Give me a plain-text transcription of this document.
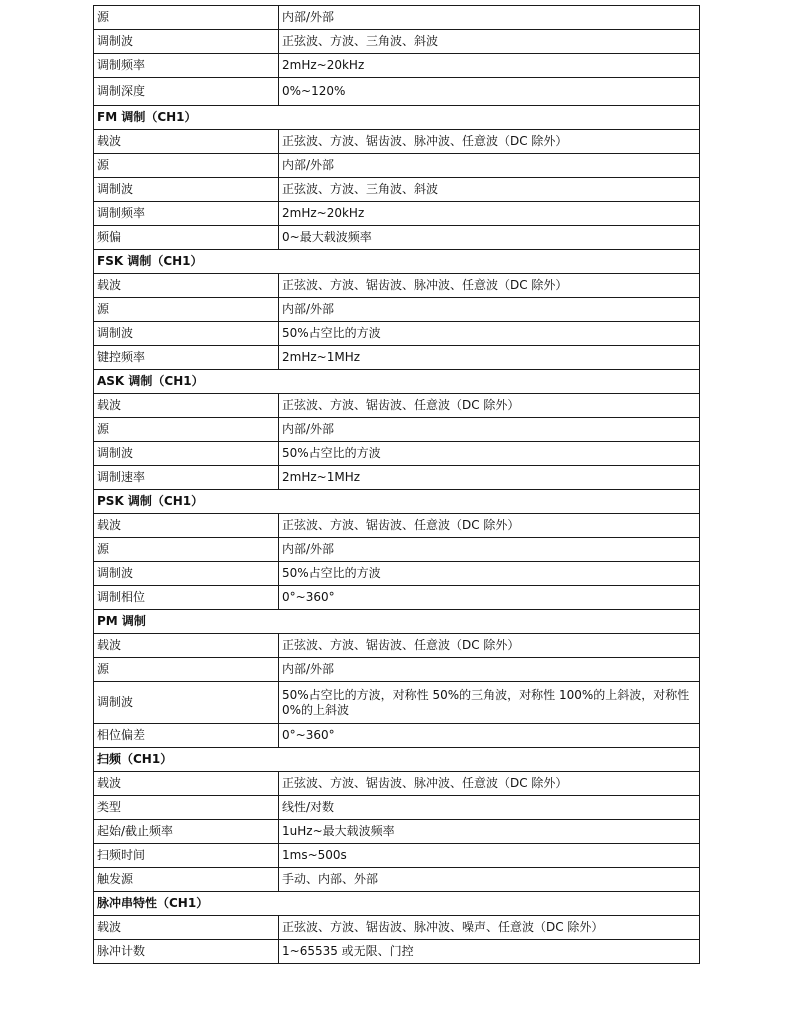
源	内部/外部
调制波	正弦波、方波、三角波、斜波
调制频率	2mHz~20kHz
调制深度	0%~120%
FM 调制（CH1）	
载波	正弦波、方波、锯齿波、脉冲波、任意波（DC 除外）
源	内部/外部
调制波	正弦波、方波、三角波、斜波
调制频率	2mHz~20kHz
频偏	0~最大载波频率
FSK 调制（CH1）	
载波	正弦波、方波、锯齿波、脉冲波、任意波（DC 除外）
源	内部/外部
调制波	50%占空比的方波
键控频率	2mHz~1MHz
ASK 调制（CH1）	
载波	正弦波、方波、锯齿波、任意波（DC 除外）
源	内部/外部
调制波	50%占空比的方波
调制速率	2mHz~1MHz
PSK 调制（CH1）	
载波	正弦波、方波、锯齿波、任意波（DC 除外）
源	内部/外部
调制波	50%占空比的方波
调制相位	0°~360°
PM 调制	
载波	正弦波、方波、锯齿波、任意波（DC 除外）
源	内部/外部
调制波	50%占空比的方波，对称性 50%的三角波，对称性 100%的上斜波，对称性 0%的上斜波
相位偏差	0°~360°
扫频（CH1）	
载波	正弦波、方波、锯齿波、脉冲波、任意波（DC 除外）
类型	线性/对数
起始/截止频率	1uHz~最大载波频率
扫频时间	1ms~500s
触发源	手动、内部、外部
脉冲串特性（CH1）	
载波	正弦波、方波、锯齿波、脉冲波、噪声、任意波（DC 除外）
脉冲计数	1~65535 或无限、门控
